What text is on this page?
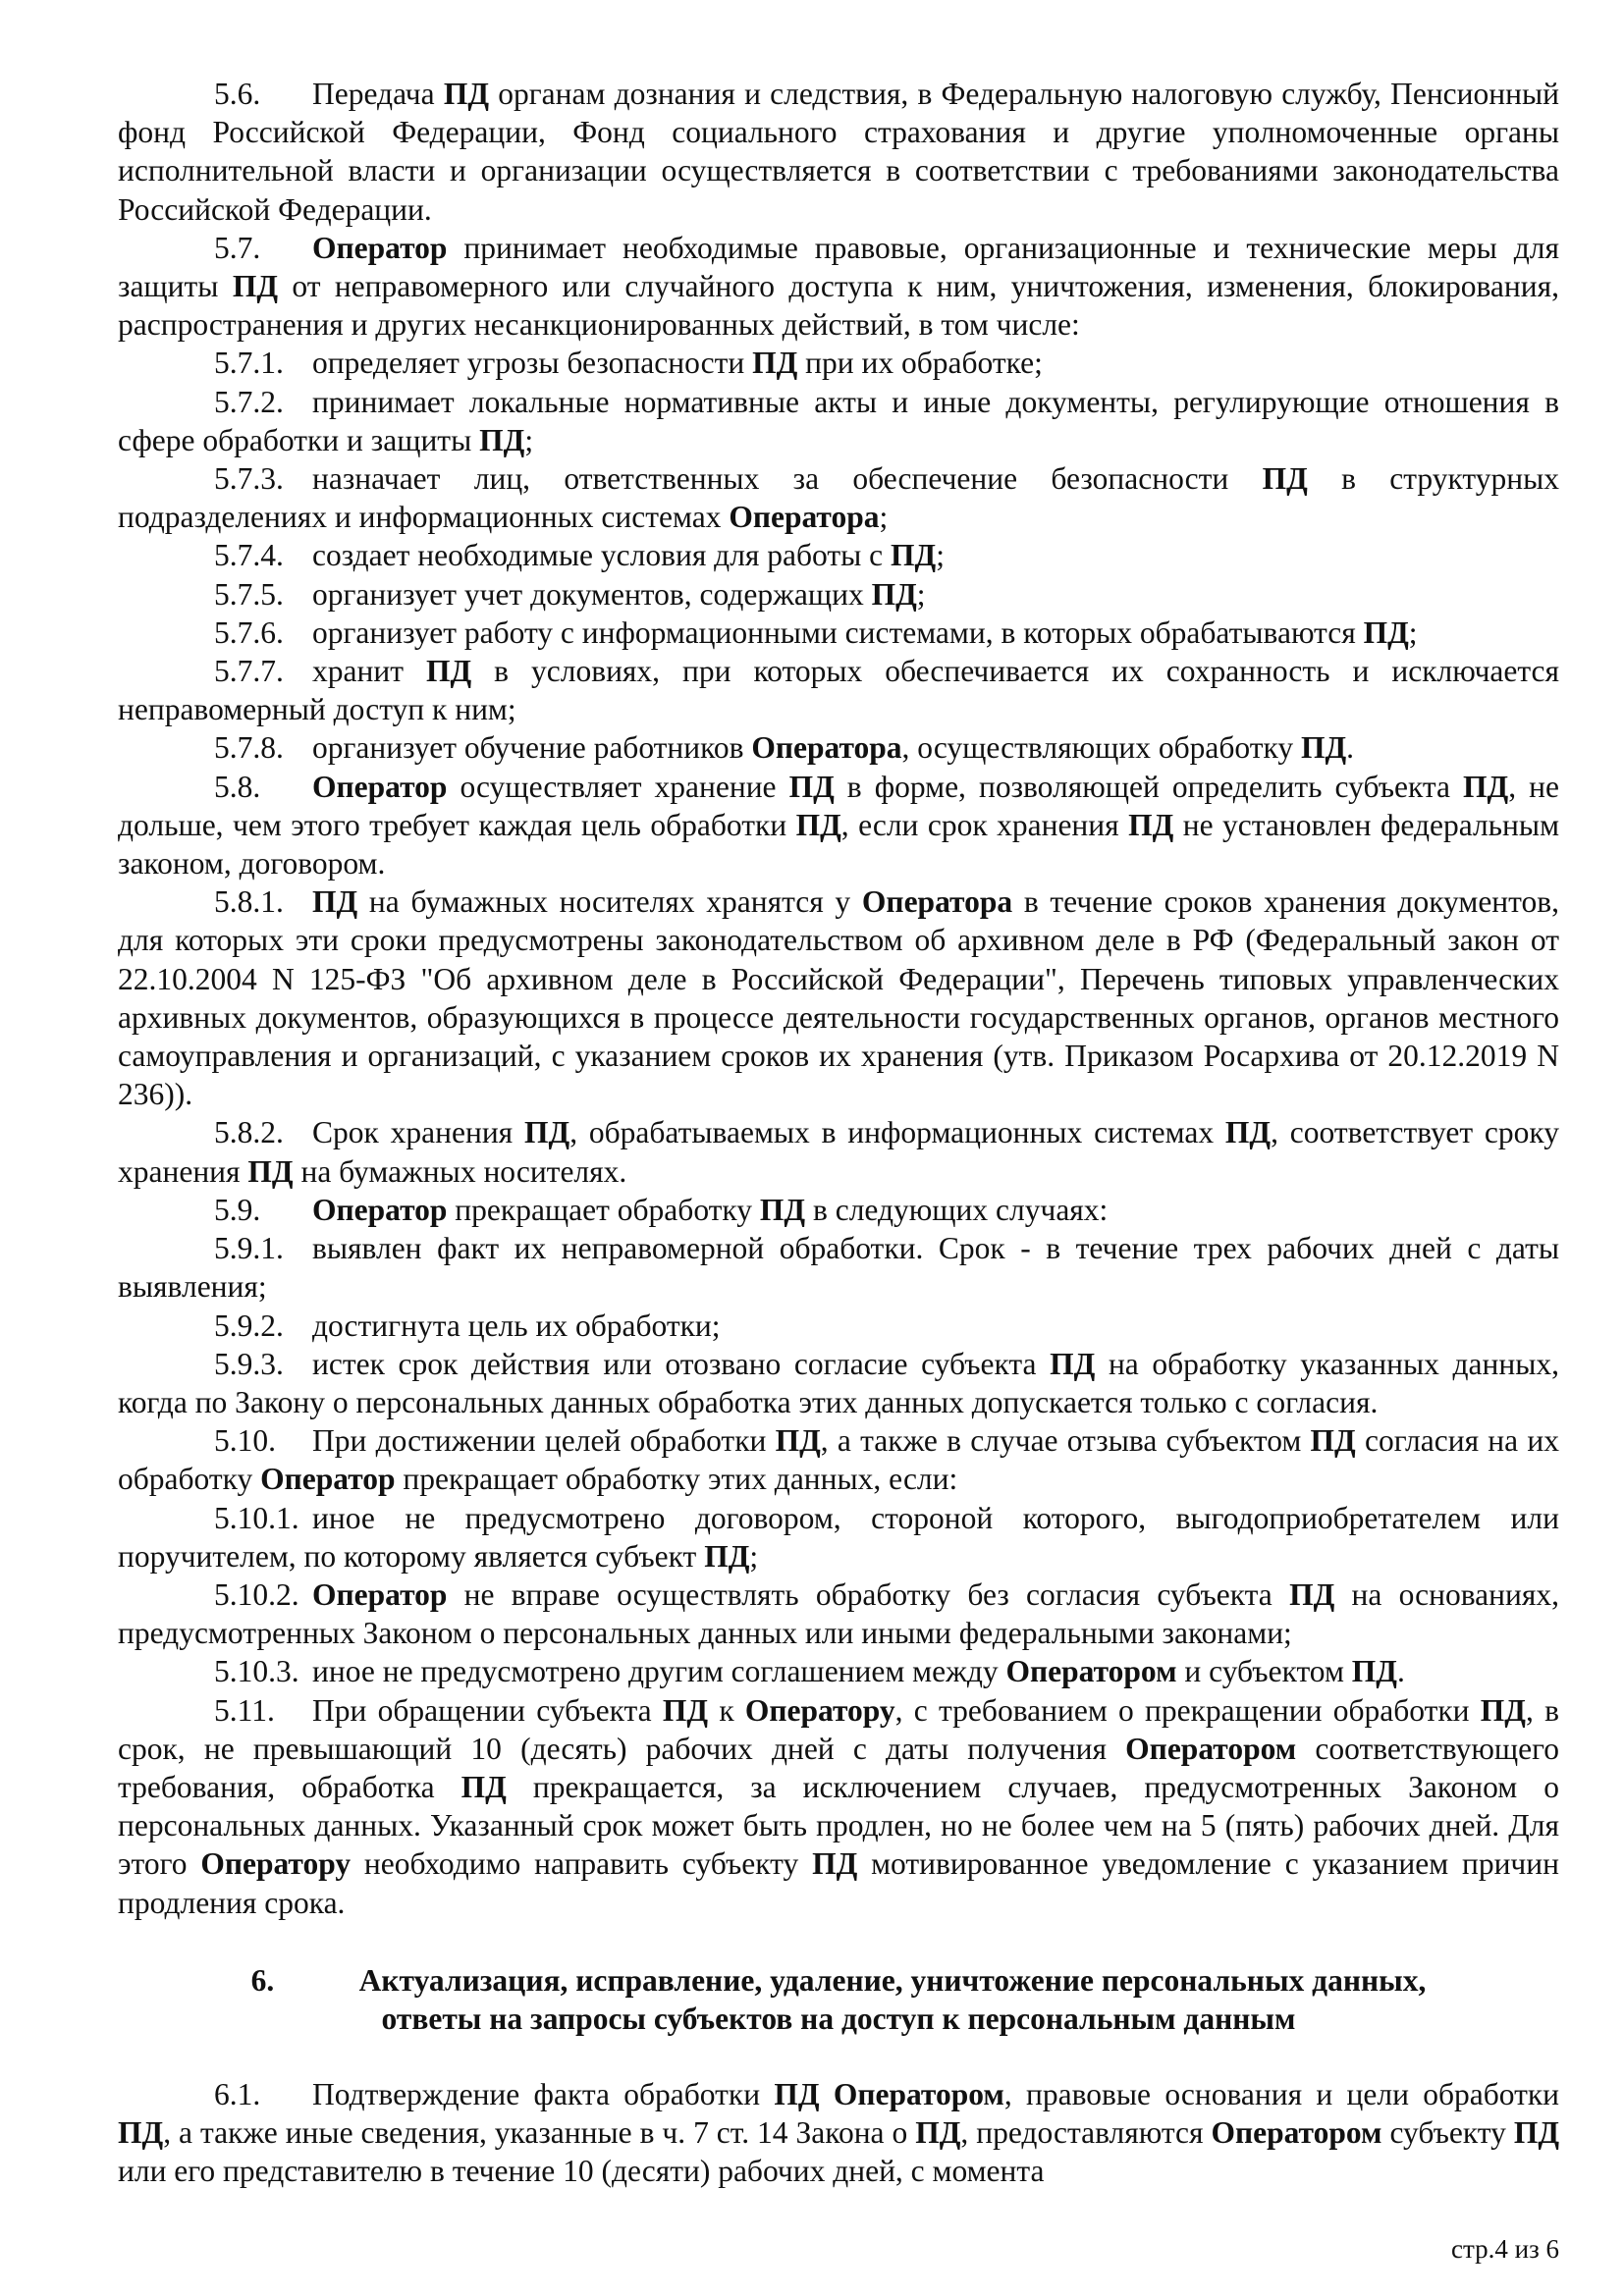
5.6. Передача ПД органам дознания и следствия, в Федеральную налоговую службу, Пенсионный фонд Российской Федерации, Фонд социального страхования и другие уполномоченные органы исполнительной власти и организации осуществляется в соответствии с требованиями законодательства Российской Федерации.

5.7. Оператор принимает необходимые правовые, организационные и технические меры для защиты ПД от неправомерного или случайного доступа к ним, уничтожения, изменения, блокирования, распространения и других несанкционированных действий, в том числе:

5.7.1. определяет угрозы безопасности ПД при их обработке;

5.7.2. принимает локальные нормативные акты и иные документы, регулирующие отношения в сфере обработки и защиты ПД;

5.7.3. назначает лиц, ответственных за обеспечение безопасности ПД в структурных подразделениях и информационных системах Оператора;

5.7.4. создает необходимые условия для работы с ПД;

5.7.5. организует учет документов, содержащих ПД;

5.7.6. организует работу с информационными системами, в которых обрабатываются ПД;

5.7.7. хранит ПД в условиях, при которых обеспечивается их сохранность и исключается неправомерный доступ к ним;

5.7.8. организует обучение работников Оператора, осуществляющих обработку ПД.

5.8. Оператор осуществляет хранение ПД в форме, позволяющей определить субъекта ПД, не дольше, чем этого требует каждая цель обработки ПД, если срок хранения ПД не установлен федеральным законом, договором.

5.8.1. ПД на бумажных носителях хранятся у Оператора в течение сроков хранения документов, для которых эти сроки предусмотрены законодательством об архивном деле в РФ (Федеральный закон от 22.10.2004 N 125-ФЗ "Об архивном деле в Российской Федерации", Перечень типовых управленческих архивных документов, образующихся в процессе деятельности государственных органов, органов местного самоуправления и организаций, с указанием сроков их хранения (утв. Приказом Росархива от 20.12.2019 N 236)).

5.8.2. Срок хранения ПД, обрабатываемых в информационных системах ПД, соответствует сроку хранения ПД на бумажных носителях.

5.9. Оператор прекращает обработку ПД в следующих случаях:

5.9.1. выявлен факт их неправомерной обработки. Срок - в течение трех рабочих дней с даты выявления;

5.9.2. достигнута цель их обработки;

5.9.3. истек срок действия или отозвано согласие субъекта ПД на обработку указанных данных, когда по Закону о персональных данных обработка этих данных допускается только с согласия.

5.10. При достижении целей обработки ПД, а также в случае отзыва субъектом ПД согласия на их обработку Оператор прекращает обработку этих данных, если:

5.10.1. иное не предусмотрено договором, стороной которого, выгодоприобретателем или поручителем, по которому является субъект ПД;

5.10.2. Оператор не вправе осуществлять обработку без согласия субъекта ПД на основаниях, предусмотренных Законом о персональных данных или иными федеральными законами;

5.10.3. иное не предусмотрено другим соглашением между Оператором и субъектом ПД.

5.11. При обращении субъекта ПД к Оператору, с требованием о прекращении обработки ПД, в срок, не превышающий 10 (десять) рабочих дней с даты получения Оператором соответствующего требования, обработка ПД прекращается, за исключением случаев, предусмотренных Законом о персональных данных. Указанный срок может быть продлен, но не более чем на 5 (пять) рабочих дней. Для этого Оператору необходимо направить субъекту ПД мотивированное уведомление с указанием причин продления срока.

6.	Актуализация, исправление, удаление, уничтожение персональных данных,
ответы на запросы субъектов на доступ к персональным данным

6.1. Подтверждение факта обработки ПД Оператором, правовые основания и цели обработки ПД, а также иные сведения, указанные в ч. 7 ст. 14 Закона о ПД, предоставляются Оператором субъекту ПД или его представителю в течение 10 (десяти) рабочих дней, с момента

стр.4 из 6
